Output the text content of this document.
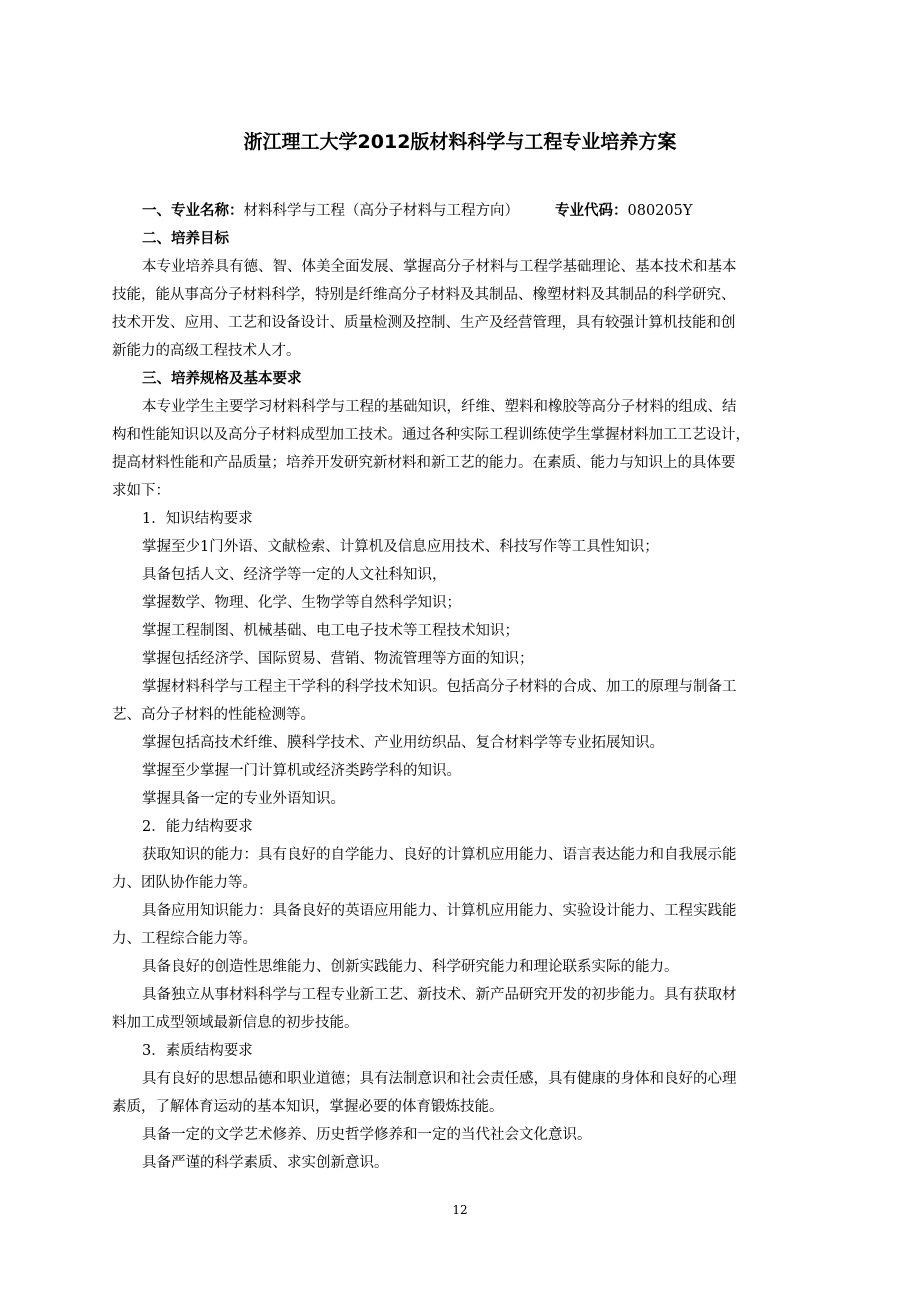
浙江理工大学2012版材料科学与工程专业培养方案
一、专业名称：材料科学与工程（高分子材料与工程方向） 专业代码：080205Y
二、培养目标
本专业培养具有德、智、体美全面发展、掌握高分子材料与工程学基础理论、基本技术和基本
技能，能从事高分子材料科学，特别是纤维高分子材料及其制品、橡塑材料及其制品的科学研究、
技术开发、应用、工艺和设备设计、质量检测及控制、生产及经营管理，具有较强计算机技能和创
新能力的高级工程技术人才。
三、培养规格及基本要求
本专业学生主要学习材料科学与工程的基础知识，纤维、塑料和橡胶等高分子材料的组成、结
构和性能知识以及高分子材料成型加工技术。通过各种实际工程训练使学生掌握材料加工工艺设计，
提高材料性能和产品质量；培养开发研究新材料和新工艺的能力。在素质、能力与知识上的具体要
求如下：
1．知识结构要求
掌握至少1门外语、文献检索、计算机及信息应用技术、科技写作等工具性知识；
具备包括人文、经济学等一定的人文社科知识，
掌握数学、物理、化学、生物学等自然科学知识；
掌握工程制图、机械基础、电工电子技术等工程技术知识；
掌握包括经济学、国际贸易、营销、物流管理等方面的知识；
掌握材料科学与工程主干学科的科学技术知识。包括高分子材料的合成、加工的原理与制备工
艺、高分子材料的性能检测等。
掌握包括高技术纤维、膜科学技术、产业用纺织品、复合材料学等专业拓展知识。
掌握至少掌握一门计算机或经济类跨学科的知识。
掌握具备一定的专业外语知识。
2．能力结构要求
获取知识的能力：具有良好的自学能力、良好的计算机应用能力、语言表达能力和自我展示能
力、团队协作能力等。
具备应用知识能力：具备良好的英语应用能力、计算机应用能力、实验设计能力、工程实践能
力、工程综合能力等。
具备良好的创造性思维能力、创新实践能力、科学研究能力和理论联系实际的能力。
具备独立从事材料科学与工程专业新工艺、新技术、新产品研究开发的初步能力。具有获取材
料加工成型领域最新信息的初步技能。
3．素质结构要求
具有良好的思想品德和职业道德；具有法制意识和社会责任感，具有健康的身体和良好的心理
素质，了解体育运动的基本知识，掌握必要的体育锻炼技能。
具备一定的文学艺术修养、历史哲学修养和一定的当代社会文化意识。
具备严谨的科学素质、求实创新意识。
12
